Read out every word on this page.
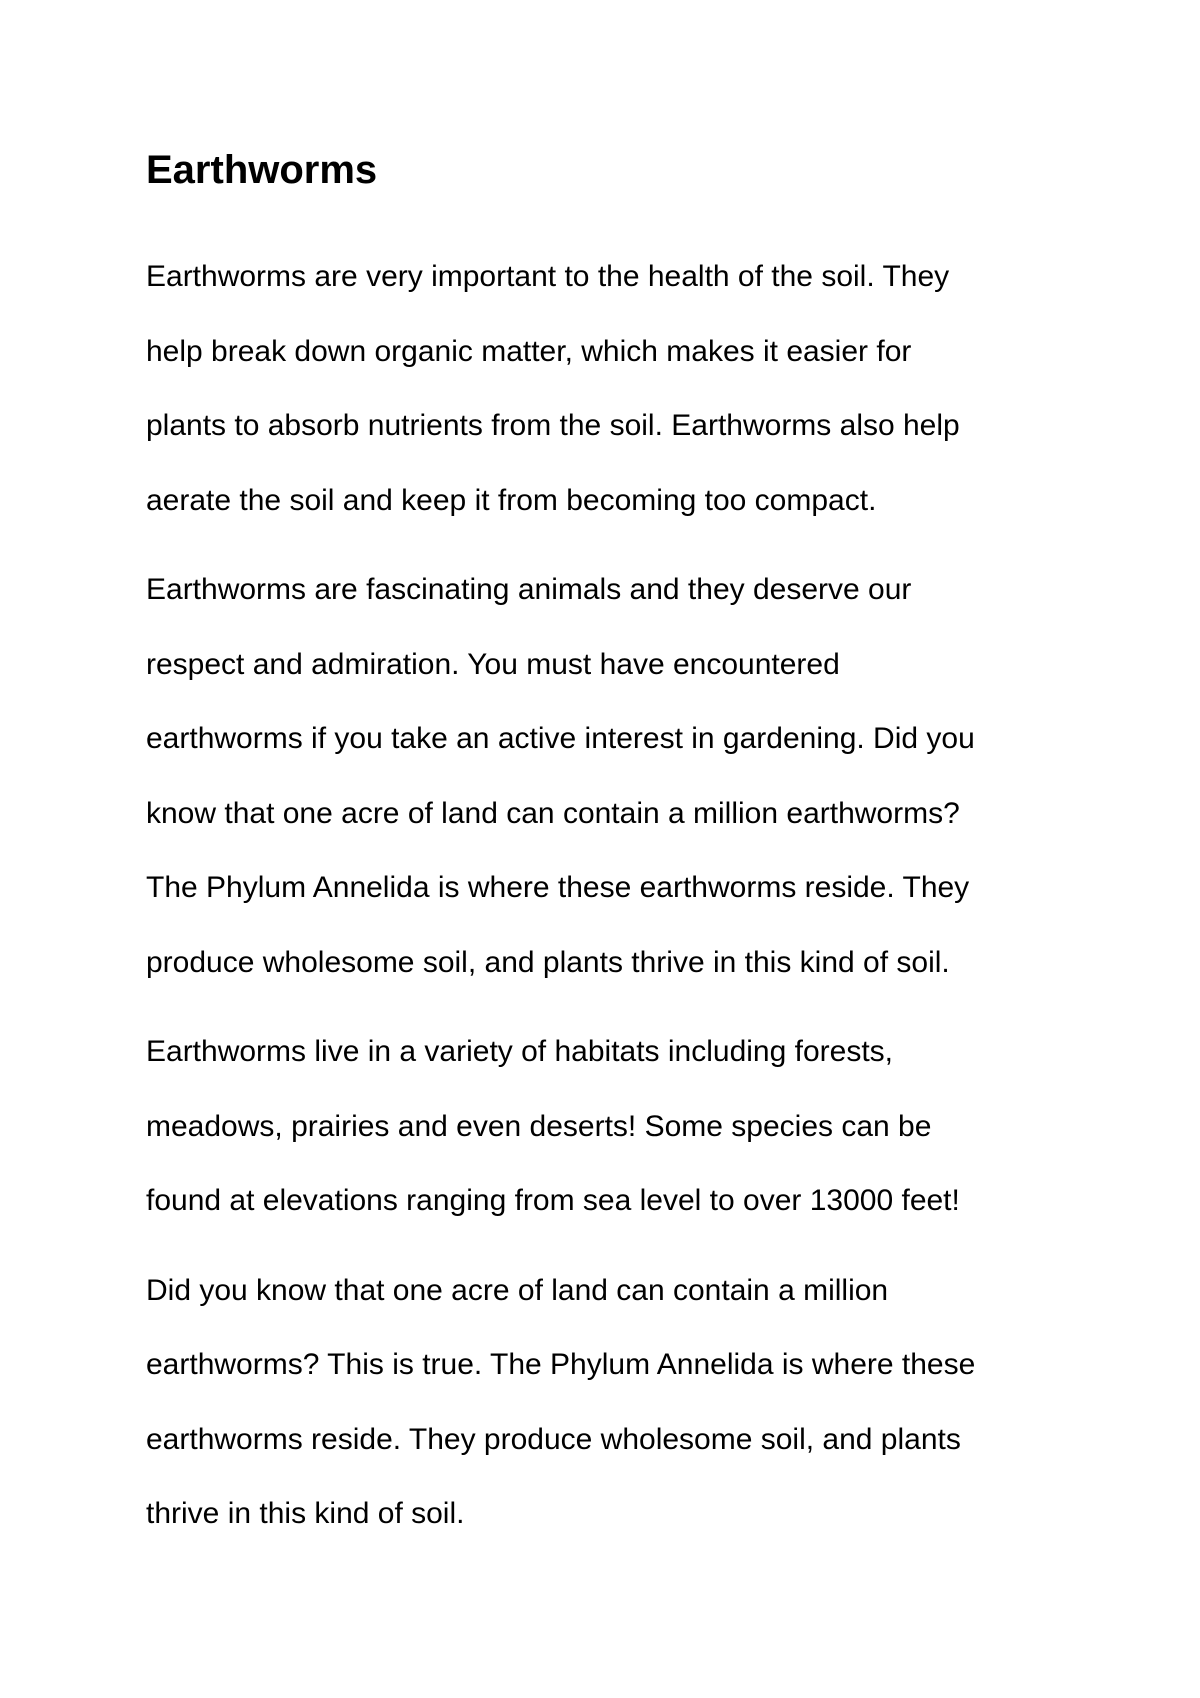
Earthworms

Earthworms are very important to the health of the soil. They
help break down organic matter, which makes it easier for
plants to absorb nutrients from the soil. Earthworms also help
aerate the soil and keep it from becoming too compact.

Earthworms are fascinating animals and they deserve our
respect and admiration. You must have encountered
earthworms if you take an active interest in gardening. Did you
know that one acre of land can contain a million earthworms?
The Phylum Annelida is where these earthworms reside. They
produce wholesome soil, and plants thrive in this kind of soil.

Earthworms live in a variety of habitats including forests,
meadows, prairies and even deserts! Some species can be
found at elevations ranging from sea level to over 13000 feet!

Did you know that one acre of land can contain a million
earthworms? This is true. The Phylum Annelida is where these
earthworms reside. They produce wholesome soil, and plants
thrive in this kind of soil.
